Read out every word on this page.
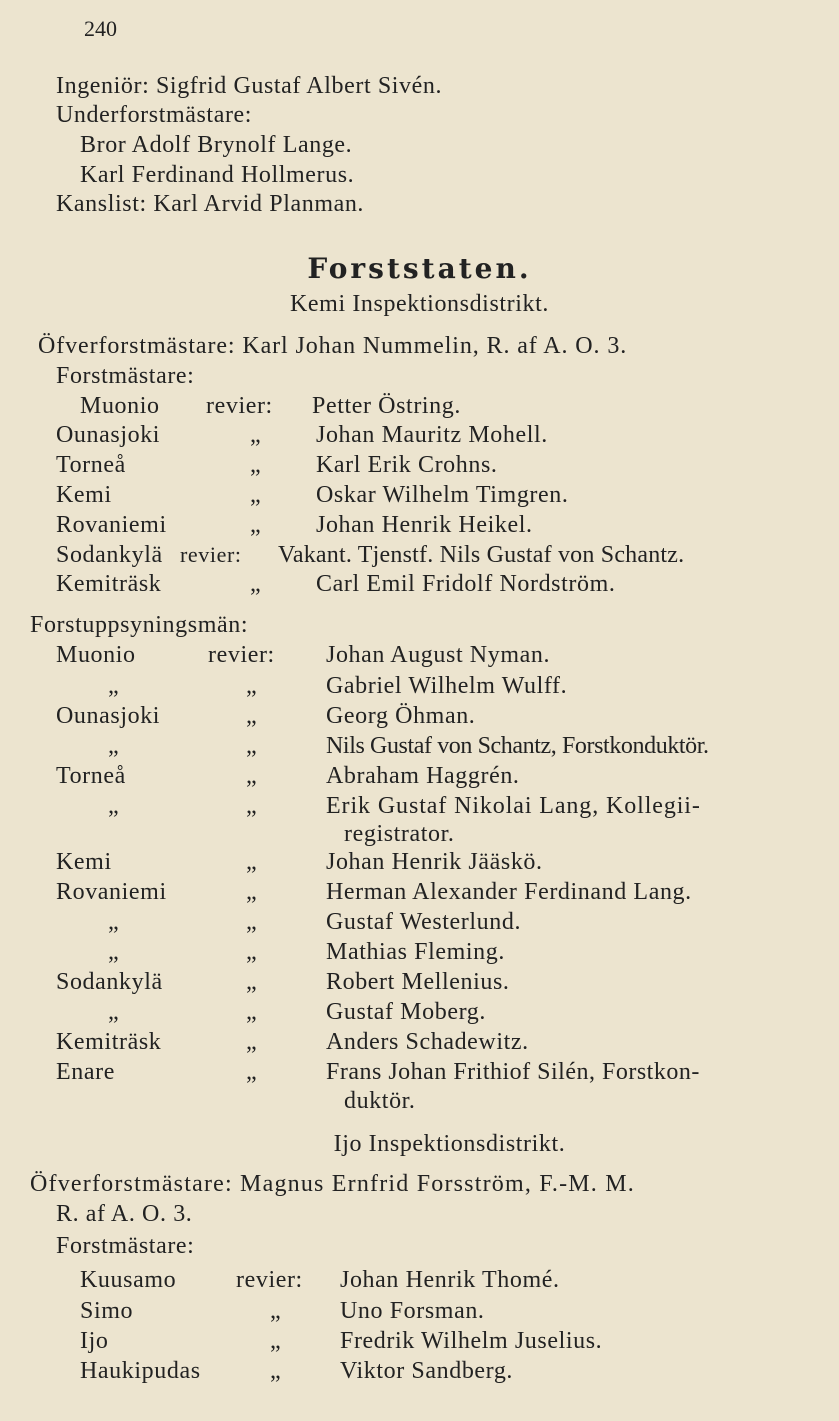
240
Ingeniör: Sigfrid Gustaf Albert Sivén.
Underforstmästare:
Bror Adolf Brynolf Lange.
Karl Ferdinand Hollmerus.
Kanslist: Karl Arvid Planman.
Forststaten.
Kemi Inspektionsdistrikt.
Öfverforstmästare: Karl Johan Nummelin, R. af A. O. 3.
Forstmästare:
Muonio revier: Petter Östring.
Ounasjoki	„ Johan Mauritz Mohell.
Torneå	„ Karl Erik Crohns.
Kemi	„ Oskar Wilhelm Timgren.
Rovaniemi	„ Johan Henrik Heikel.
Sodankylä revier: Vakant. Tjenstf. Nils Gustaf von Schantz.
Kemiträsk	„ Carl Emil Fridolf Nordström.
Forstuppsyningsmän:
Muonio	revier: Johan August Nyman.
„	„	Gabriel Wilhelm Wulff.
Ounasjoki	„	Georg Öhman.
„	„	Nils Gustaf von Schantz, Forstkonduktör.
Torneå	„	Abraham Haggrén.
„	„	Erik Gustaf Nikolai Lang, Kollegii-
registrator.
Kemi	„	Johan Henrik Jääskö.
Rovaniemi	„	Herman Alexander Ferdinand Lang.
„	„	Gustaf Westerlund.
„	„	Mathias Fleming.
Sodankylä	„	Robert Mellenius.
„	„	Gustaf Moberg.
Kemiträsk	„	Anders Schadewitz.
Enare	„	Frans Johan Frithiof Silén, Forstkon-
duktör.
Ijo Inspektionsdistrikt.
Öfverforstmästare: Magnus Ernfrid Forsström, F.-M. M.
R. af A. O. 3.
Forstmästare:
Kuusamo revier: Johan Henrik Thomé.
Simo	„ Uno Forsman.
Ijo	„ Fredrik Wilhelm Juselius.
Haukipudas	„ Viktor Sandberg.
